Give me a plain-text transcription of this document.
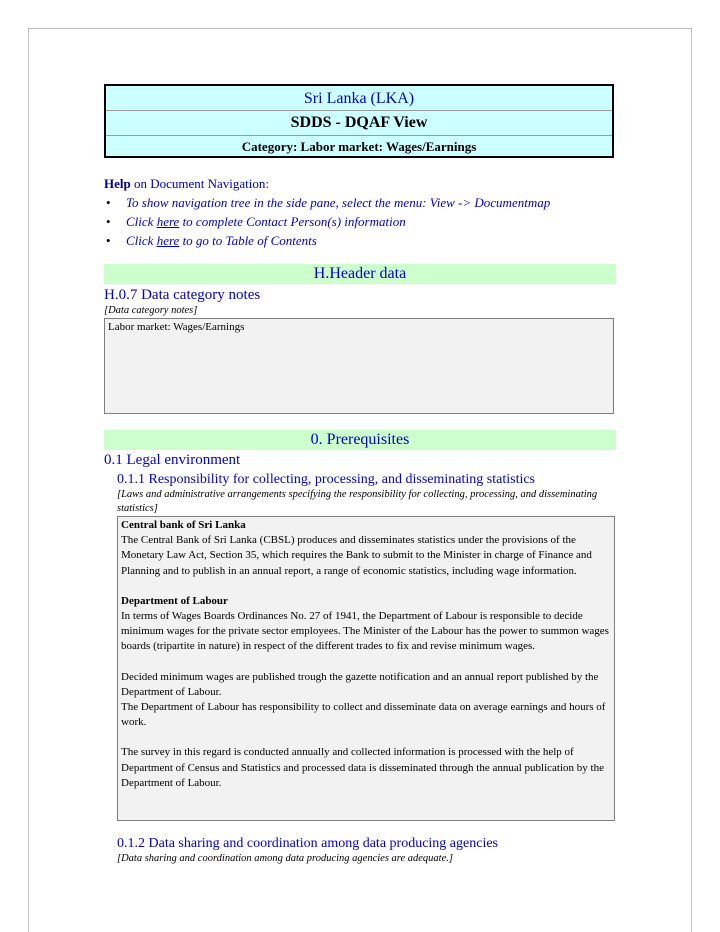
Sri Lanka (LKA)
SDDS - DQAF View
Category: Labor market: Wages/Earnings
Help on Document Navigation:
• To show navigation tree in the side pane, select the menu: View -> Documentmap
• Click here to complete Contact Person(s) information
• Click here to go to Table of Contents
H.Header data
H.0.7 Data category notes
[Data category notes]

Labor market: Wages/Earnings

0. Prerequisites
0.1 Legal environment
0.1.1 Responsibility for collecting, processing, and disseminating statistics
[Laws and administrative arrangements specifying the responsibility for collecting, processing, and disseminating statistics]

Central bank of Sri Lanka

The Central Bank of Sri Lanka (CBSL) produces and disseminates statistics under the provisions of the Monetary Law Act, Section 35, which requires the Bank to submit to the Minister in charge of Finance and Planning and to publish in an annual report, a range of economic statistics, including wage information.

Department of Labour

In terms of Wages Boards Ordinances No. 27 of 1941, the Department of Labour is responsible to decide minimum wages for the private sector employees. The Minister of the Labour has the power to summon wages boards (tripartite in nature) in respect of the different trades to fix and revise minimum wages.

Decided minimum wages are published trough the gazette notification and an annual report published by the Department of Labour.

The Department of Labour has responsibility to collect and disseminate data on average earnings and hours of work.

The survey in this regard is conducted annually and collected information is processed with the help of Department of Census and Statistics and processed data is disseminated through the annual publication by the Department of Labour.

0.1.2 Data sharing and coordination among data producing agencies
[Data sharing and coordination among data producing agencies are adequate.]
